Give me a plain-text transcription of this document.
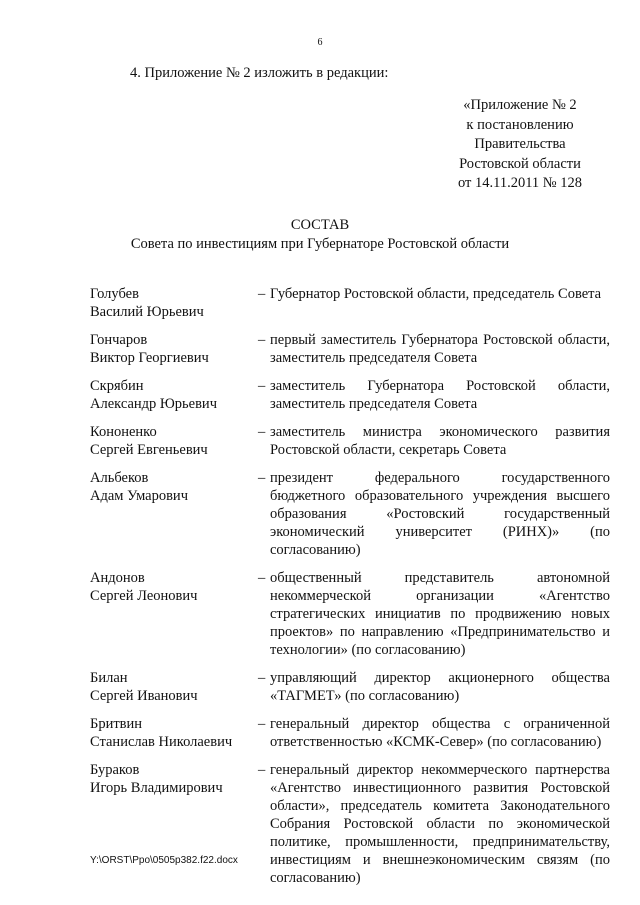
6
4. Приложение № 2 изложить в редакции:
«Приложение № 2
к постановлению
Правительства
Ростовской области
от 14.11.2011 № 128
СОСТАВ
Совета по инвестициям при Губернаторе Ростовской области
Голубев
Василий Юрьевич
– Губернатор Ростовской области, председатель Совета
Гончаров
Виктор Георгиевич
– первый заместитель Губернатора Ростовской области, заместитель председателя Совета
Скрябин
Александр Юрьевич
– заместитель Губернатора Ростовской области, заместитель председателя Совета
Кононенко
Сергей Евгеньевич
– заместитель министра экономического развития Ростовской области, секретарь Совета
Альбеков
Адам Умарович
– президент федерального государственного бюджетного образовательного учреждения высшего образования «Ростовский государственный экономический университет (РИНХ)» (по согласованию)
Андонов
Сергей Леонович
– общественный представитель автономной некоммерческой организации «Агентство стратегических инициатив по продвижению новых проектов» по направлению «Предпринимательство и технологии» (по согласованию)
Билан
Сергей Иванович
– управляющий директор акционерного общества «ТАГМЕТ» (по согласованию)
Бритвин
Станислав Николаевич
– генеральный директор общества с ограниченной ответственностью «КСМК-Север» (по согласованию)
Бураков
Игорь Владимирович
– генеральный директор некоммерческого партнерства «Агентство инвестиционного развития Ростовской области», председатель комитета Законодательного Собрания Ростовской области по экономической политике, промышленности, предпринимательству, инвестициям и внешнеэкономическим связям (по согласованию)
Y:\ORST\Ppo\0505p382.f22.docx
